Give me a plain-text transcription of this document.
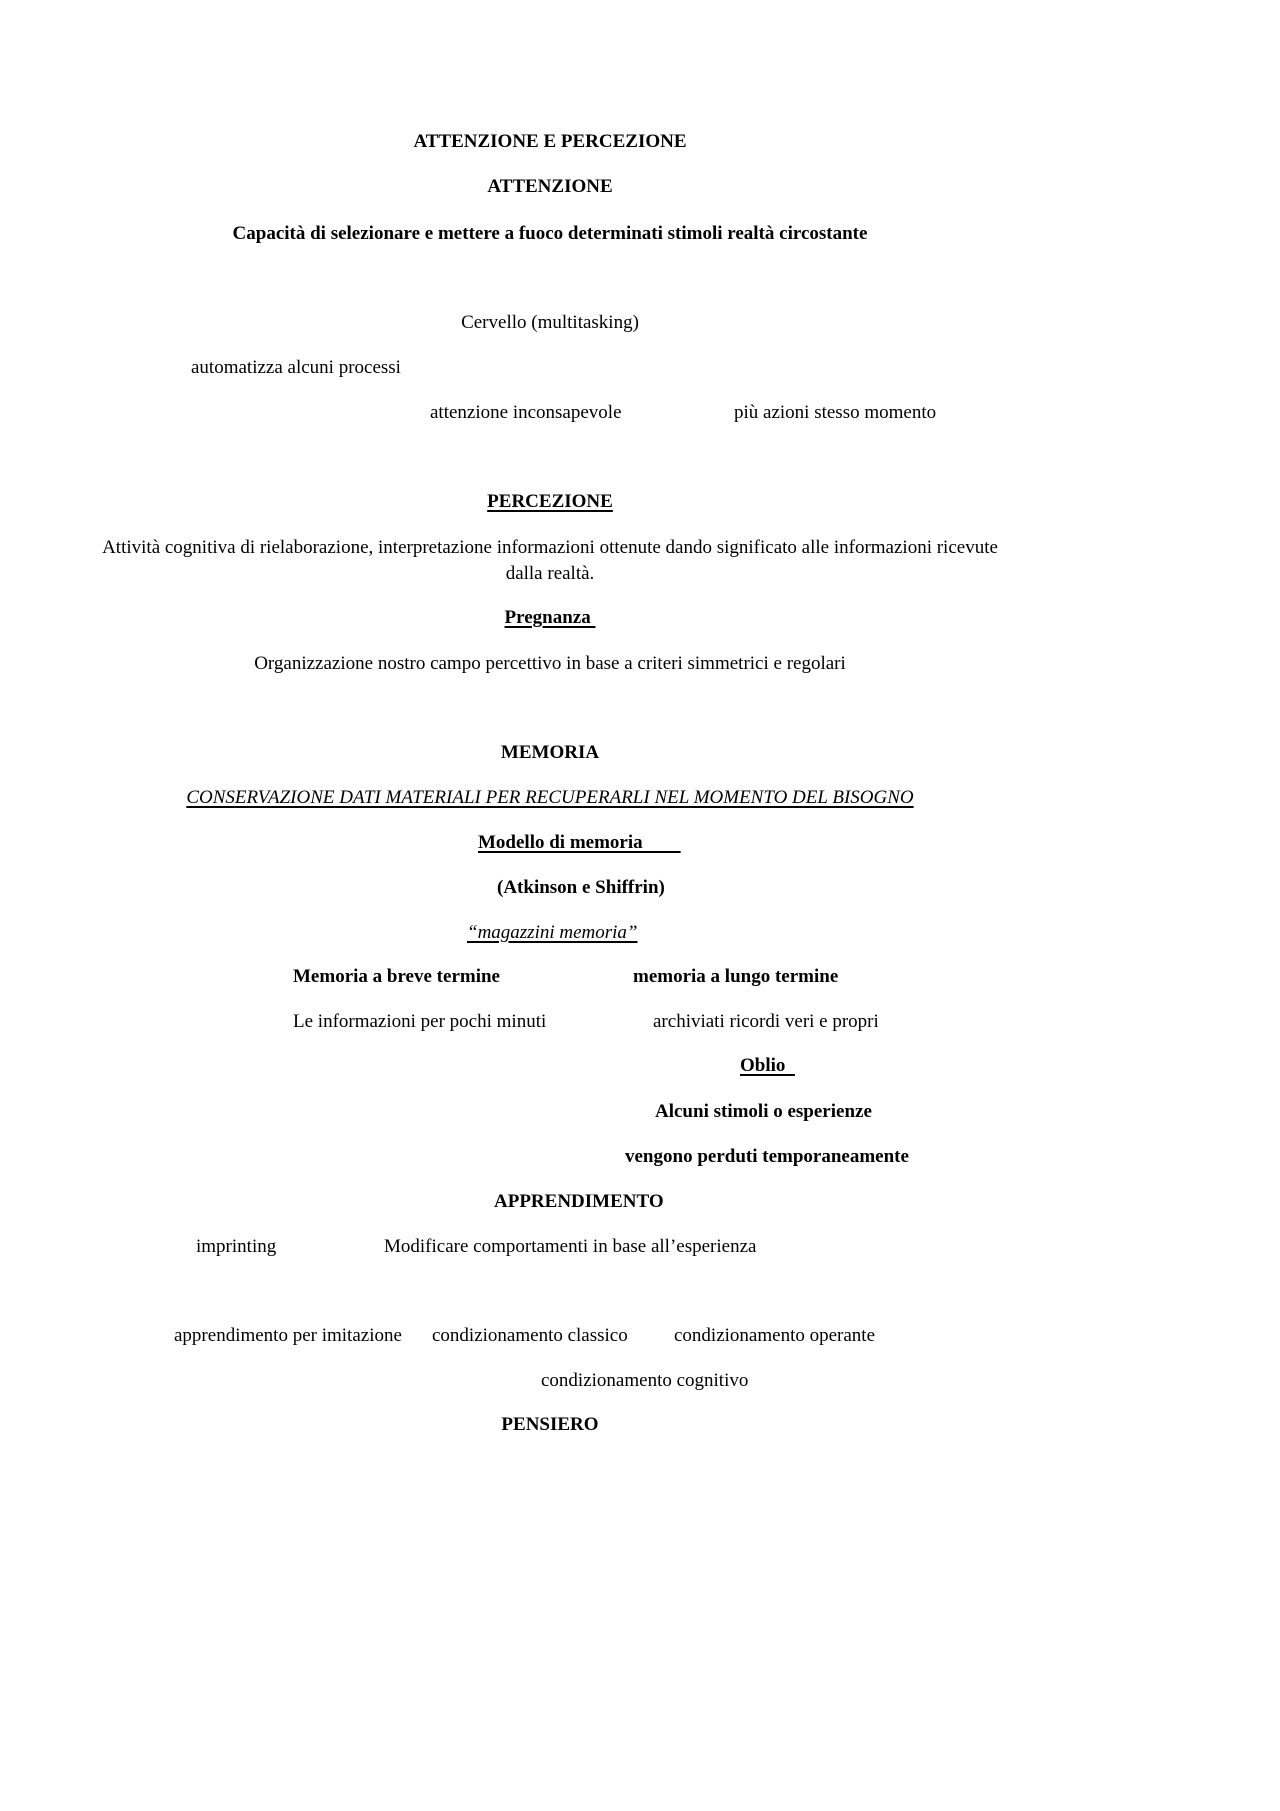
ATTENZIONE E PERCEZIONE
ATTENZIONE
Capacità di selezionare e mettere a fuoco determinati stimoli realtà circostante
Cervello (multitasking)
automatizza alcuni processi
attenzione inconsapevole	più azioni stesso momento
PERCEZIONE
Attività cognitiva di rielaborazione, interpretazione informazioni ottenute dando significato alle informazioni ricevute dalla realtà.
Pregnanza
Organizzazione nostro campo percettivo in base a criteri simmetrici e regolari
MEMORIA
CONSERVAZIONE DATI MATERIALI PER RECUPERARLI NEL MOMENTO DEL BISOGNO
Modello di memoria
(Atkinson e Shiffrin)
“magazzini memoria”
Memoria a breve termine	memoria a lungo termine
Le informazioni per pochi minuti	archiviati ricordi veri e propri
Oblio
Alcuni stimoli o esperienze
vengono perduti temporaneamente
APPRENDIMENTO
imprinting	Modificare comportamenti in base all’esperienza
apprendimento per imitazione condizionamento classico condizionamento operante
condizionamento cognitivo
PENSIERO
